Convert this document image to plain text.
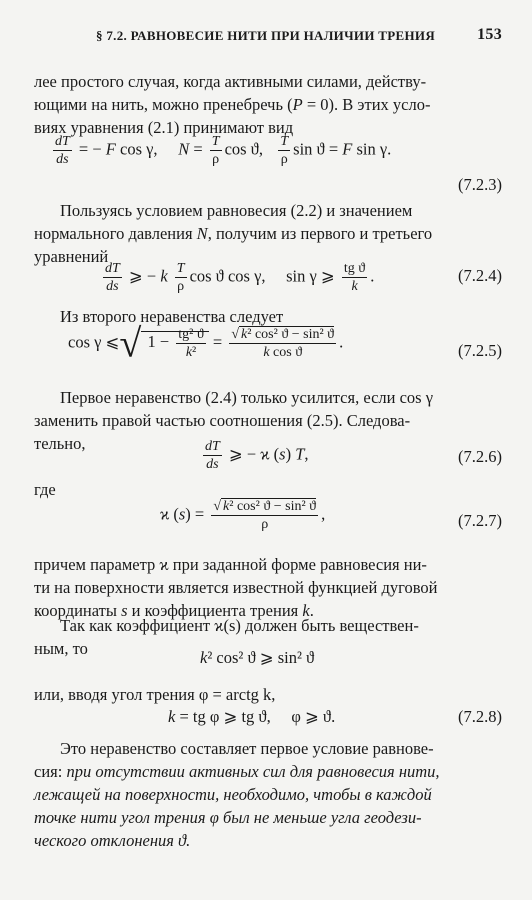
§ 7.2. РАВНОВЕСИЕ НИТИ ПРИ НАЛИЧИИ ТРЕНИЯ	153
лее простого случая, когда активными силами, действу-
ющими на нить, можно пренебречь (P = 0). В этих усло-
виях уравнения (2.1) принимают вид
$\frac{dT}{ds}$ = − F cos γ,     $N = \frac{T}{\rho}$ cos ϑ, $\frac{T}{\rho}$ sin ϑ = F sin γ.
(7.2.3)
Пользуясь условием равновесия (2.2) и значением
нормального давления N, получим из первого и третьего
уравнений
$\frac{dT}{ds}$ ⩾ − k $\frac{T}{\rho}$ cos ϑ cos γ,     sin γ ⩾ $\frac{\text{tg ϑ}}{k}$ .	(7.2.4)
Из второго неравенства следует
cos γ ⩽√ $1 - \frac{\text{tg² ϑ}}{\text{k²}} = \frac{\text{√ k² cos² ϑ − sin² ϑ}}{\text{k cos ϑ}}$ .	(7.2.5)
Первое неравенство (2.4) только усилится, если cos γ
заменить правой частью соотношения (2.5). Следова-
тельно,	$\frac{dT}{ds}$ ⩾ − ϰ (s) T,	(7.2.6)
где
ϰ $(s) = \frac{\text{√ k² cos² ϑ − sin² ϑ}}{\rho}$ ,	(7.2.7)
причем параметр ϰ при заданной форме равновесия ни-
ти на поверхности является известной функцией дуговой
координаты s и коэффициента трения k.
Так как коэффициент ϰ(s) должен быть веществен-
ным, то	k² cos² ϑ ⩾ sin² ϑ
или, вводя угол трения φ = arctg k,
k = tg φ ⩾ tg ϑ,     φ ⩾ ϑ.	(7.2.8)
Это неравенство составляет первое условие равнове-
сия: при отсутствии активных сил для равновесия нити,
лежащей на поверхности, необходимо, чтобы в каждой
точке нити угол трения φ был не меньше угла геодези-
ческого отклонения ϑ.
